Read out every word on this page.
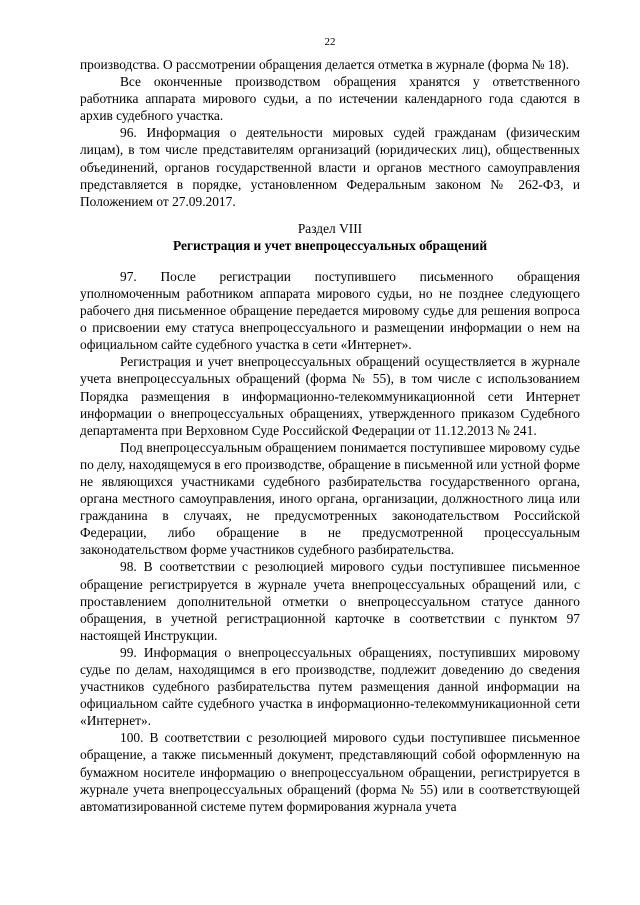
22

производства. О рассмотрении обращения делается отметка в журнале (форма № 18).

Все оконченные производством обращения хранятся у ответственного работника аппарата мирового судьи, а по истечении календарного года сдаются в архив судебного участка.

96. Информация о деятельности мировых судей гражданам (физическим лицам), в том числе представителям организаций (юридических лиц), общественных объединений, органов государственной власти и органов местного самоуправления представляется в порядке, установленном Федеральным законом № 262-ФЗ, и Положением от 27.09.2017.

Раздел VIII
Регистрация и учет внепроцессуальных обращений

97. После регистрации поступившего письменного обращения уполномоченным работником аппарата мирового судьи, но не позднее следующего рабочего дня письменное обращение передается мировому судье для решения вопроса о присвоении ему статуса внепроцессуального и размещении информации о нем на официальном сайте судебного участка в сети «Интернет».

Регистрация и учет внепроцессуальных обращений осуществляется в журнале учета внепроцессуальных обращений (форма № 55), в том числе с использованием Порядка размещения в информационно-телекоммуникационной сети Интернет информации о внепроцессуальных обращениях, утвержденного приказом Судебного департамента при Верховном Суде Российской Федерации от 11.12.2013 № 241.

Под внепроцессуальным обращением понимается поступившее мировому судье по делу, находящемуся в его производстве, обращение в письменной или устной форме не являющихся участниками судебного разбирательства государственного органа, органа местного самоуправления, иного органа, организации, должностного лица или гражданина в случаях, не предусмотренных законодательством Российской Федерации, либо обращение в не предусмотренной процессуальным законодательством форме участников судебного разбирательства.

98. В соответствии с резолюцией мирового судьи поступившее письменное обращение регистрируется в журнале учета внепроцессуальных обращений или, с проставлением дополнительной отметки о внепроцессуальном статусе данного обращения, в учетной регистрационной карточке в соответствии с пунктом 97 настоящей Инструкции.

99. Информация о внепроцессуальных обращениях, поступивших мировому судье по делам, находящимся в его производстве, подлежит доведению до сведения участников судебного разбирательства путем размещения данной информации на официальном сайте судебного участка в информационно-телекоммуникационной сети «Интернет».

100. В соответствии с резолюцией мирового судьи поступившее письменное обращение, а также письменный документ, представляющий собой оформленную на бумажном носителе информацию о внепроцессуальном обращении, регистрируется в журнале учета внепроцессуальных обращений (форма № 55) или в соответствующей автоматизированной системе путем формирования журнала учета
